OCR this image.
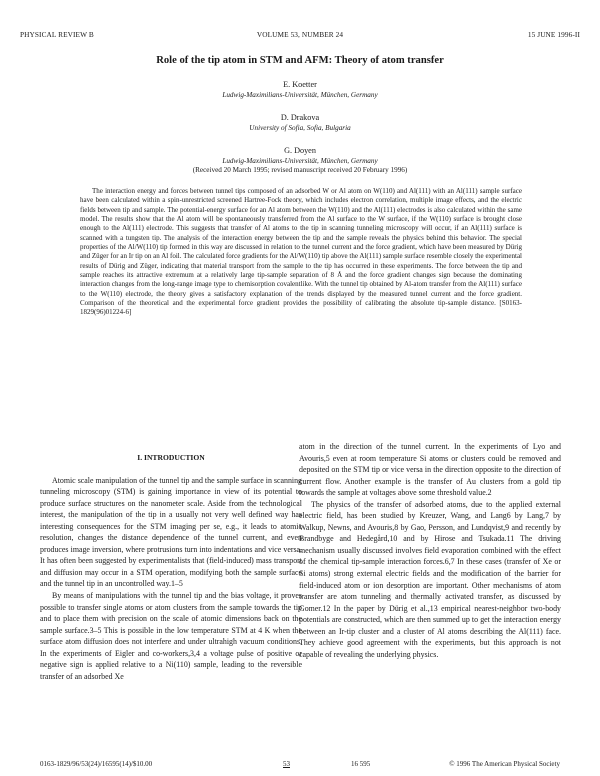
PHYSICAL REVIEW B	VOLUME 53, NUMBER 24	15 JUNE 1996-II
Role of the tip atom in STM and AFM: Theory of atom transfer
E. Koetter
Ludwig-Maximilians-Universität, München, Germany
D. Drakova
University of Sofia, Sofia, Bulgaria
G. Doyen
Ludwig-Maximilians-Universität, München, Germany
(Received 20 March 1995; revised manuscript received 20 February 1996)

The interaction energy and forces between tunnel tips composed of an adsorbed W or Al atom on W(110) and Al(111) with an Al(111) sample surface have been calculated within a spin-unrestricted screened Hartree-Fock theory, which includes electron correlation, multiple image effects, and the electric fields between tip and sample. The potential-energy surface for an Al atom between the W(110) and the Al(111) electrodes is also calculated within the same model. The results show that the Al atom will be spontaneously transferred from the Al surface to the W surface, if the W(110) surface is brought close enough to the Al(111) electrode. This suggests that transfer of Al atoms to the tip in scanning tunneling microscopy will occur, if an Al(111) surface is scanned with a tungsten tip. The analysis of the interaction energy between the tip and the sample reveals the physics behind this behavior. The special properties of the Al/W(110) tip formed in this way are discussed in relation to the tunnel current and the force gradient, which have been measured by Dürig and Züger for an Ir tip on an Al foil. The calculated force gradients for the Al/W(110) tip above the Al(111) sample surface resemble closely the experimental results of Dürig and Züger, indicating that material transport from the sample to the tip has occurred in these experiments. The force between the tip and sample reaches its attractive extremum at a relatively large tip-sample separation of 8 Å and the force gradient changes sign because the dominating interaction changes from the long-range image type to chemisorption covalentlike. With the tunnel tip obtained by Al-atom transfer from the Al(111) surface to the W(110) electrode, the theory gives a satisfactory explanation of the trends displayed by the measured tunnel current and the force gradient. Comparison of the theoretical and the experimental force gradient provides the possibility of calibrating the absolute tip-sample distance. [S0163-1829(96)01224-6]

I. INTRODUCTION

Atomic scale manipulation of the tunnel tip and the sample surface in scanning tunneling microscopy (STM) is gaining importance in view of its potential to produce surface structures on the nanometer scale. Aside from the technological interest, the manipulation of the tip in a usually not very well defined way has interesting consequences for the STM imaging per se, e.g., it leads to atomic resolution, changes the distance dependence of the tunnel current, and even produces image inversion, where protrusions turn into indentations and vice versa. It has often been suggested by experimentalists that (field-induced) mass transport and diffusion may occur in a STM operation, modifying both the sample surface and the tunnel tip in an uncontrolled way.1–5

By means of manipulations with the tunnel tip and the bias voltage, it proves possible to transfer single atoms or atom clusters from the sample towards the tip and to place them with precision on the scale of atomic dimensions back on the sample surface.3–5 This is possible in the low temperature STM at 4 K when the surface atom diffusion does not interfere and under ultrahigh vacuum conditions. In the experiments of Eigler and co-workers,3,4 a voltage pulse of positive or negative sign is applied relative to a Ni(110) sample, leading to the reversible transfer of an adsorbed Xe

atom in the direction of the tunnel current. In the experiments of Lyo and Avouris,5 even at room temperature Si atoms or clusters could be removed and deposited on the STM tip or vice versa in the direction opposite to the direction of current flow. Another example is the transfer of Au clusters from a gold tip towards the sample at voltages above some threshold value.2

The physics of the transfer of adsorbed atoms, due to the applied external electric field, has been studied by Kreuzer, Wang, and Lang6 by Lang,7 by Walkup, Newns, and Avouris,8 by Gao, Persson, and Lundqvist,9 and recently by Brandbyge and Hedegård,10 and by Hirose and Tsukada.11 The driving mechanism usually discussed involves field evaporation combined with the effect of the chemical tip-sample interaction forces.6,7 In these cases (transfer of Xe or Si atoms) strong external electric fields and the modification of the barrier for field-induced atom or ion desorption are important. Other mechanisms of atom transfer are atom tunneling and thermally activated transfer, as discussed by Gomer.12 In the paper by Dürig et al.,13 empirical nearest-neighbor two-body potentials are constructed, which are then summed up to get the interaction energy between an Ir-tip cluster and a cluster of Al atoms describing the Al(111) face. They achieve good agreement with the experiments, but this approach is not capable of revealing the underlying physics.

0163-1829/96/53(24)/16595(14)/$10.00	53	16 595	© 1996 The American Physical Society
